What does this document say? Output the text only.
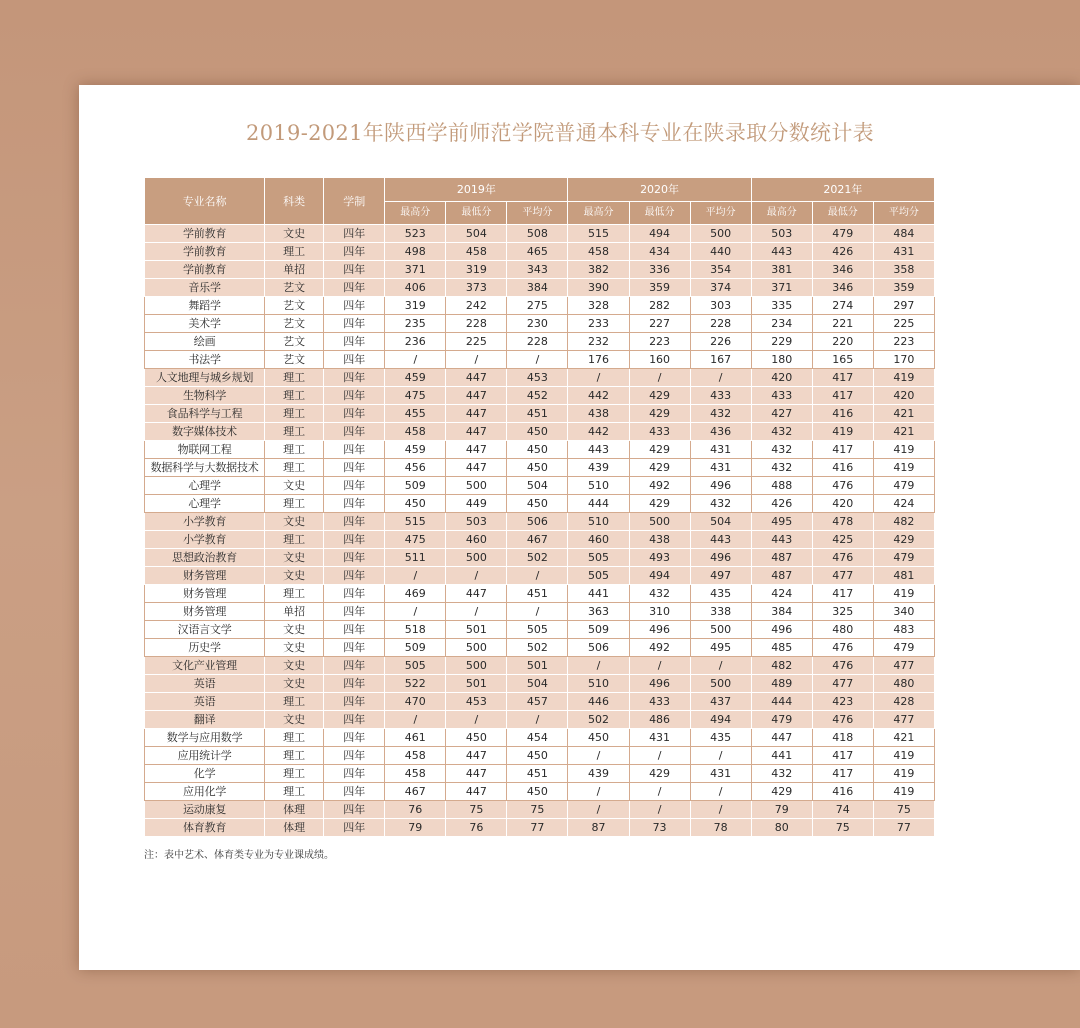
2019-2021年陕西学前师范学院普通本科专业在陕录取分数统计表
专业名称	科类	学制	2019年			2020年			2021年		
			最高分	最低分	平均分	最高分	最低分	平均分	最高分	最低分	平均分
学前教育	文史	四年	523	504	508	515	494	500	503	479	484
学前教育	理工	四年	498	458	465	458	434	440	443	426	431
学前教育	单招	四年	371	319	343	382	336	354	381	346	358
音乐学	艺文	四年	406	373	384	390	359	374	371	346	359
舞蹈学	艺文	四年	319	242	275	328	282	303	335	274	297
美术学	艺文	四年	235	228	230	233	227	228	234	221	225
绘画	艺文	四年	236	225	228	232	223	226	229	220	223
书法学	艺文	四年	/	/	/	176	160	167	180	165	170
人文地理与城乡规划	理工	四年	459	447	453	/	/	/	420	417	419
生物科学	理工	四年	475	447	452	442	429	433	433	417	420
食品科学与工程	理工	四年	455	447	451	438	429	432	427	416	421
数字媒体技术	理工	四年	458	447	450	442	433	436	432	419	421
物联网工程	理工	四年	459	447	450	443	429	431	432	417	419
数据科学与大数据技术	理工	四年	456	447	450	439	429	431	432	416	419
心理学	文史	四年	509	500	504	510	492	496	488	476	479
心理学	理工	四年	450	449	450	444	429	432	426	420	424
小学教育	文史	四年	515	503	506	510	500	504	495	478	482
小学教育	理工	四年	475	460	467	460	438	443	443	425	429
思想政治教育	文史	四年	511	500	502	505	493	496	487	476	479
财务管理	文史	四年	/	/	/	505	494	497	487	477	481
财务管理	理工	四年	469	447	451	441	432	435	424	417	419
财务管理	单招	四年	/	/	/	363	310	338	384	325	340
汉语言文学	文史	四年	518	501	505	509	496	500	496	480	483
历史学	文史	四年	509	500	502	506	492	495	485	476	479
文化产业管理	文史	四年	505	500	501	/	/	/	482	476	477
英语	文史	四年	522	501	504	510	496	500	489	477	480
英语	理工	四年	470	453	457	446	433	437	444	423	428
翻译	文史	四年	/	/	/	502	486	494	479	476	477
数学与应用数学	理工	四年	461	450	454	450	431	435	447	418	421
应用统计学	理工	四年	458	447	450	/	/	/	441	417	419
化学	理工	四年	458	447	451	439	429	431	432	417	419
应用化学	理工	四年	467	447	450	/	/	/	429	416	419
运动康复	体理	四年	76	75	75	/	/	/	79	74	75
体育教育	体理	四年	79	76	77	87	73	78	80	75	77
注：表中艺术、体育类专业为专业课成绩。
